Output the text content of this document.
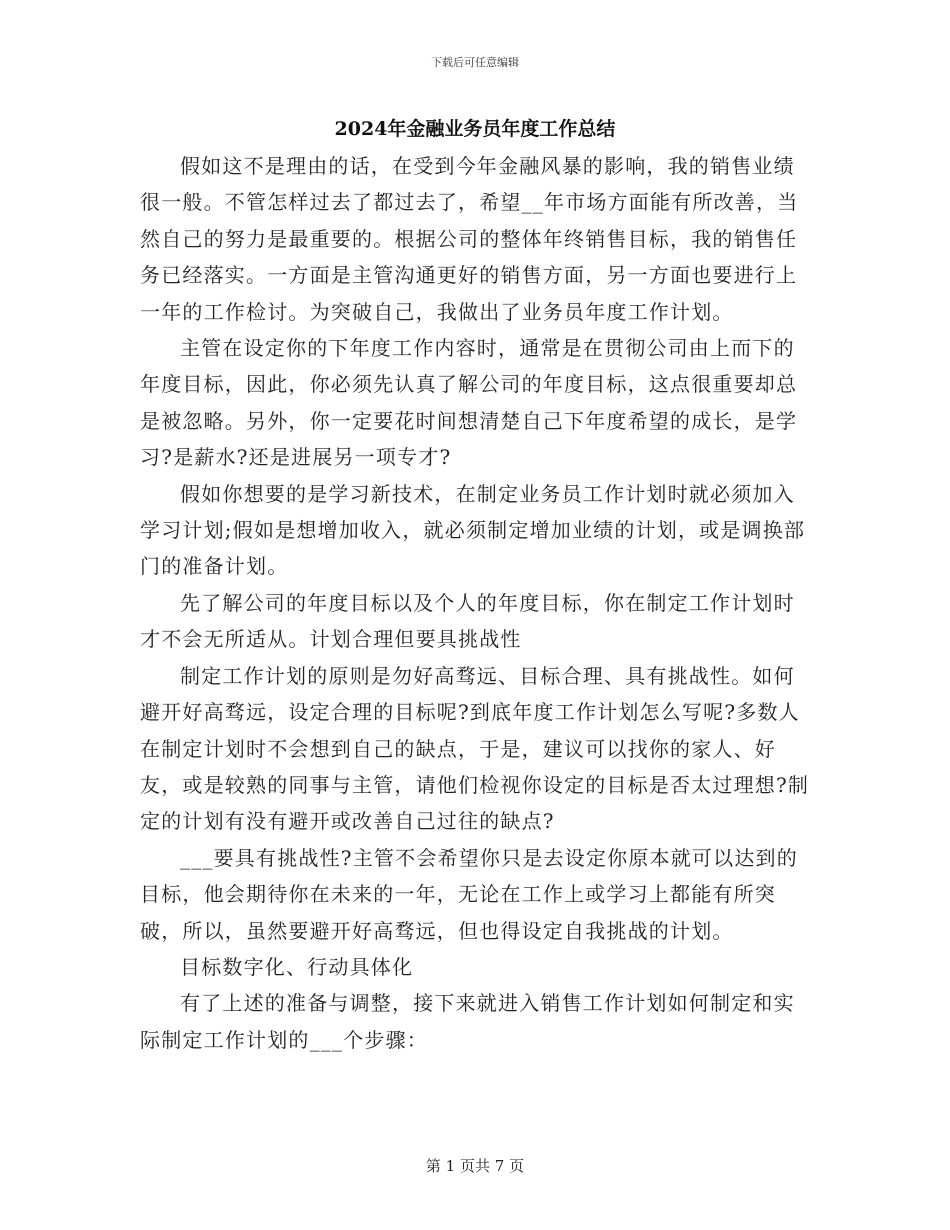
下载后可任意编辑
2024年金融业务员年度工作总结

假如这不是理由的话，在受到今年金融风暴的影响，我的销售业绩很一般。不管怎样过去了都过去了，希望__年市场方面能有所改善，当然自己的努力是最重要的。根据公司的整体年终销售目标，我的销售任务已经落实。一方面是主管沟通更好的销售方面，另一方面也要进行上一年的工作检讨。为突破自己，我做出了业务员年度工作计划。

主管在设定你的下年度工作内容时，通常是在贯彻公司由上而下的年度目标，因此，你必须先认真了解公司的年度目标，这点很重要却总是被忽略。另外，你一定要花时间想清楚自己下年度希望的成长，是学习?是薪水?还是进展另一项专才?

假如你想要的是学习新技术，在制定业务员工作计划时就必须加入学习计划;假如是想增加收入，就必须制定增加业绩的计划，或是调换部门的准备计划。

先了解公司的年度目标以及个人的年度目标，你在制定工作计划时才不会无所适从。计划合理但要具挑战性

制定工作计划的原则是勿好高骛远、目标合理、具有挑战性。如何避开好高骛远，设定合理的目标呢?到底年度工作计划怎么写呢?多数人在制定计划时不会想到自己的缺点，于是，建议可以找你的家人、好友，或是较熟的同事与主管，请他们检视你设定的目标是否太过理想?制定的计划有没有避开或改善自己过往的缺点?

___要具有挑战性?主管不会希望你只是去设定你原本就可以达到的目标，他会期待你在未来的一年，无论在工作上或学习上都能有所突破，所以，虽然要避开好高骛远，但也得设定自我挑战的计划。

目标数字化、行动具体化

有了上述的准备与调整，接下来就进入销售工作计划如何制定和实际制定工作计划的___个步骤：

第 1 页共 7 页
